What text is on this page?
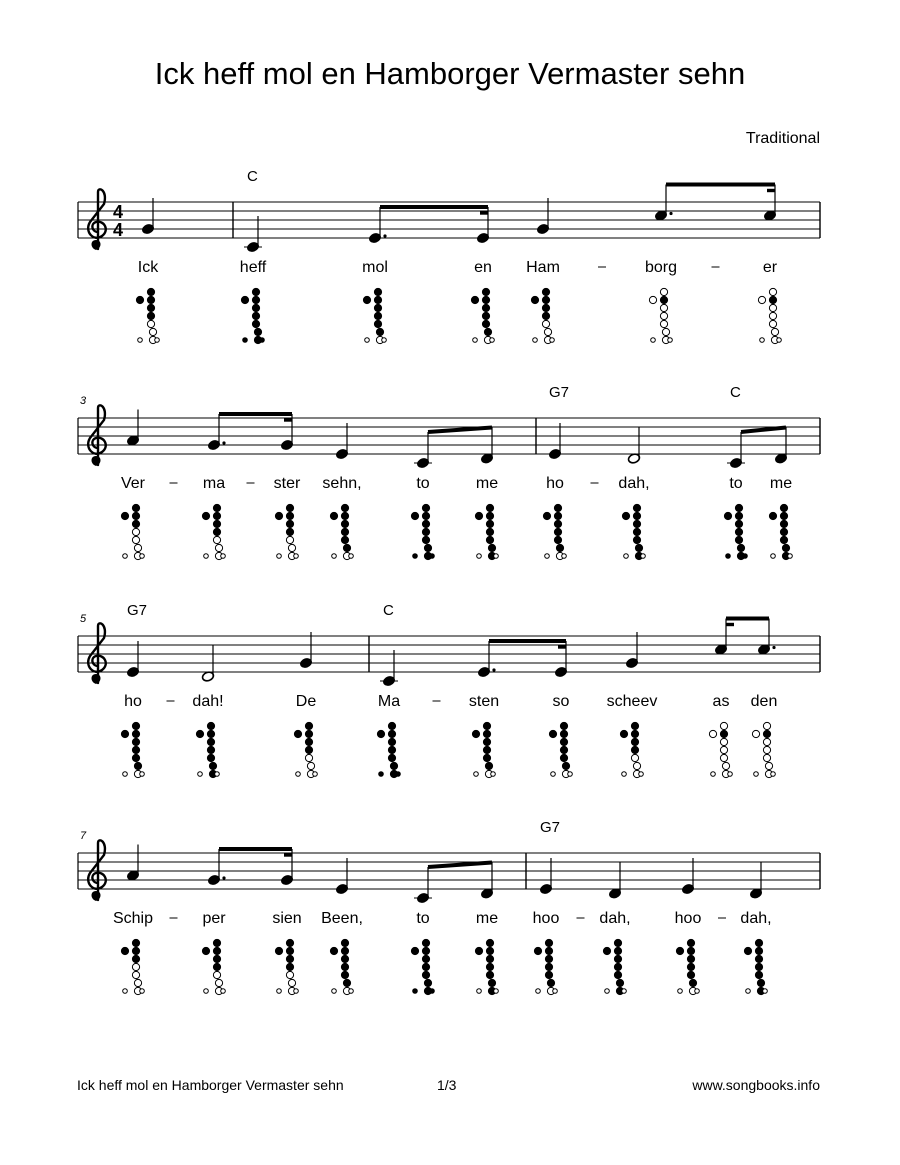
Ick heff mol en Hamborger Vermaster sehn
Traditional
4
4
C
Ick	heff	mol	en Ham	borg	er
3	G7	C
Ver	ma	ster sehn,	to	me	ho	dah,	to me
5	G7	C
ho	dah!	De	Ma	sten	so scheev	as den
7	G7
Schip	per	sien Been,	to	me hoo	dah,	hoo dah,
Ick heff mol en Hamborger Vermaster sehn	1/3	www.songbooks.info
